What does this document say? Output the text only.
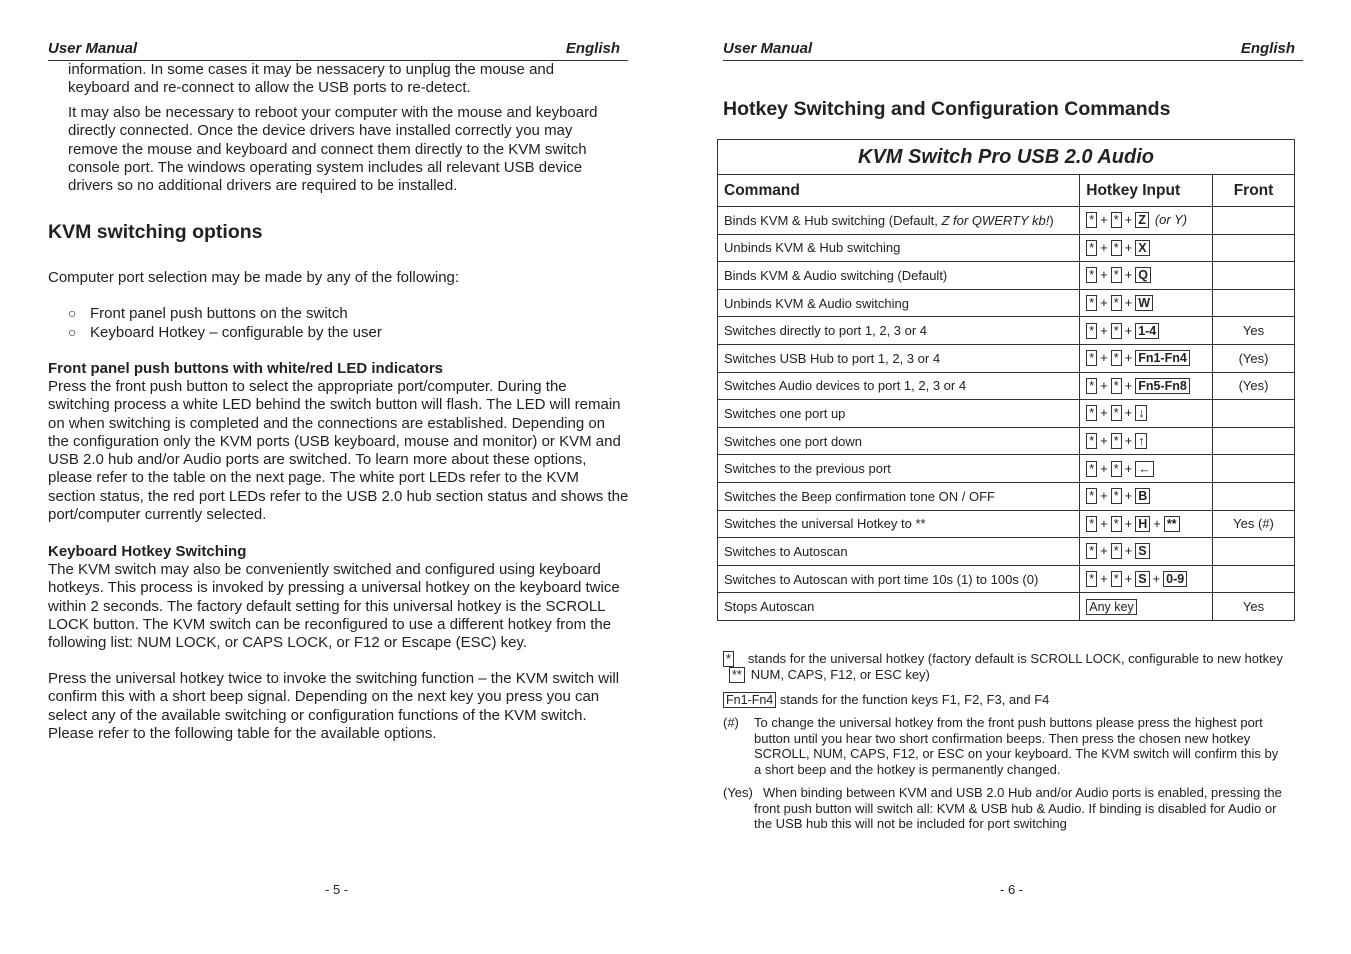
User Manual	English

information. In some cases it may be nessacery to unplug the mouse and keyboard and re-connect to allow the USB ports to re-detect.

It may also be necessary to reboot your computer with the mouse and keyboard directly connected. Once the device drivers have installed correctly you may remove the mouse and keyboard and connect them directly to the KVM switch console port. The windows operating system includes all relevant USB device drivers so no additional drivers are required to be installed.

KVM switching options

Computer port selection may be made by any of the following:

○ Front panel push buttons on the switch
○ Keyboard Hotkey – configurable by the user

Front panel push buttons with white/red LED indicators

Press the front push button to select the appropriate port/computer. During the switching process a white LED behind the switch button will flash. The LED will remain on when switching is completed and the connections are established. Depending on the configuration only the KVM ports (USB keyboard, mouse and monitor) or KVM and USB 2.0 hub and/or Audio ports are switched. To learn more about these options, please refer to the table on the next page. The white port LEDs refer to the KVM section status, the red port LEDs refer to the USB 2.0 hub section status and shows the port/computer currently selected.

Keyboard Hotkey Switching

The KVM switch may also be conveniently switched and configured using keyboard hotkeys. This process is invoked by pressing a universal hotkey on the keyboard twice within 2 seconds. The factory default setting for this universal hotkey is the SCROLL LOCK button. The KVM switch can be reconfigured to use a different hotkey from the following list: NUM LOCK, or CAPS LOCK, or F12 or Escape (ESC) key.

Press the universal hotkey twice to invoke the switching function – the KVM switch will confirm this with a short beep signal. Depending on the next key you press you can select any of the available switching or configuration functions of the KVM switch. Please refer to the following table for the available options.

- 5 -
User Manual	English
Hotkey Switching and Configuration Commands
KVM Switch Pro USB 2.0 Audio		
Command	Hotkey Input	Front
Binds KVM & Hub switching (Default, Z for QWERTY kb!)	* + * + Z (or Y)	
Unbinds KVM & Hub switching	* + * + X	
Binds KVM & Audio switching (Default)	* + * + Q	
Unbinds KVM & Audio switching	* + * + W	
Switches directly to port 1, 2, 3 or 4	* + * + 1-4	Yes
Switches USB Hub to port 1, 2, 3 or 4	* + * + Fn1-Fn4	(Yes)
Switches Audio devices to port 1, 2, 3 or 4	* + * + Fn5-Fn8	(Yes)
Switches one port up	* + * + ↓	
Switches one port down	* + * + ↑	
Switches to the previous port	* + * + ←	
Switches the Beep confirmation tone ON / OFF	* + * + B	
Switches the universal Hotkey to **	* + * + H + **	Yes (#)
Switches to Autoscan	* + * + S	
Switches to Autoscan with port time 10s (1) to 100s (0)	* + * + S + 0-9	
Stops Autoscan	Any key	Yes
* stands for the universal hotkey (factory default is SCROLL LOCK, configurable to new hotkey ** NUM, CAPS, F12, or ESC key)
Fn1-Fn4 stands for the function keys F1, F2, F3, and F4
(#) To change the universal hotkey from the front push buttons please press the highest port button until you hear two short confirmation beeps. Then press the chosen new hotkey SCROLL, NUM, CAPS, F12, or ESC on your keyboard. The KVM switch will confirm this by a short beep and the hotkey is permanently changed.
(Yes) When binding between KVM and USB 2.0 Hub and/or Audio ports is enabled, pressing the front push button will switch all: KVM & USB hub & Audio. If binding is disabled for Audio or the USB hub this will not be included for port switching
- 6 -
